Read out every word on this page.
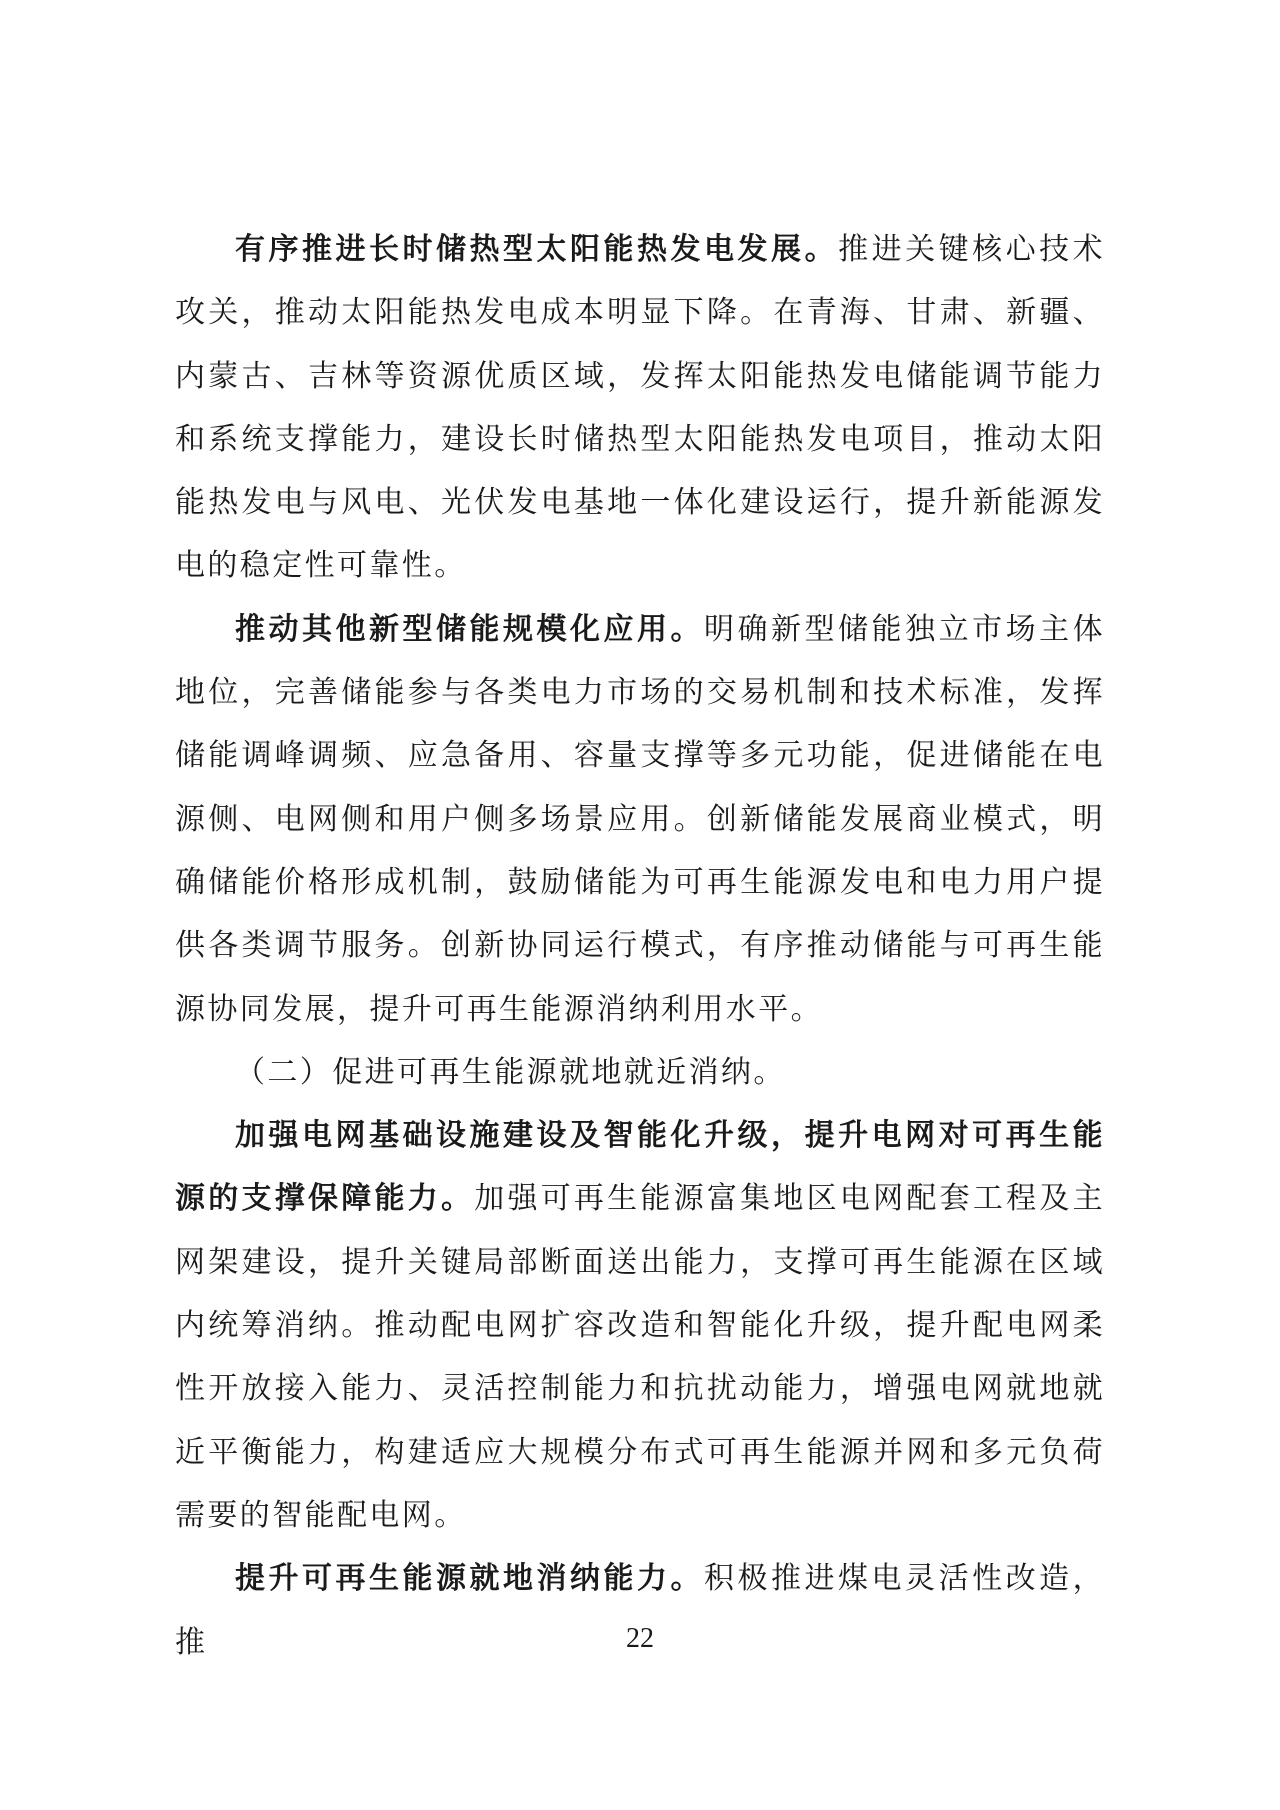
有序推进长时储热型太阳能热发电发展。推进关键核心技术攻关，推动太阳能热发电成本明显下降。在青海、甘肃、新疆、内蒙古、吉林等资源优质区域，发挥太阳能热发电储能调节能力和系统支撑能力，建设长时储热型太阳能热发电项目，推动太阳能热发电与风电、光伏发电基地一体化建设运行，提升新能源发电的稳定性可靠性。

推动其他新型储能规模化应用。明确新型储能独立市场主体地位，完善储能参与各类电力市场的交易机制和技术标准，发挥储能调峰调频、应急备用、容量支撑等多元功能，促进储能在电源侧、电网侧和用户侧多场景应用。创新储能发展商业模式，明确储能价格形成机制，鼓励储能为可再生能源发电和电力用户提供各类调节服务。创新协同运行模式，有序推动储能与可再生能源协同发展，提升可再生能源消纳利用水平。

（二）促进可再生能源就地就近消纳。

加强电网基础设施建设及智能化升级，提升电网对可再生能源的支撑保障能力。加强可再生能源富集地区电网配套工程及主网架建设，提升关键局部断面送出能力，支撑可再生能源在区域内统筹消纳。推动配电网扩容改造和智能化升级，提升配电网柔性开放接入能力、灵活控制能力和抗扰动能力，增强电网就地就近平衡能力，构建适应大规模分布式可再生能源并网和多元负荷需要的智能配电网。

提升可再生能源就地消纳能力。积极推进煤电灵活性改造，推	22
